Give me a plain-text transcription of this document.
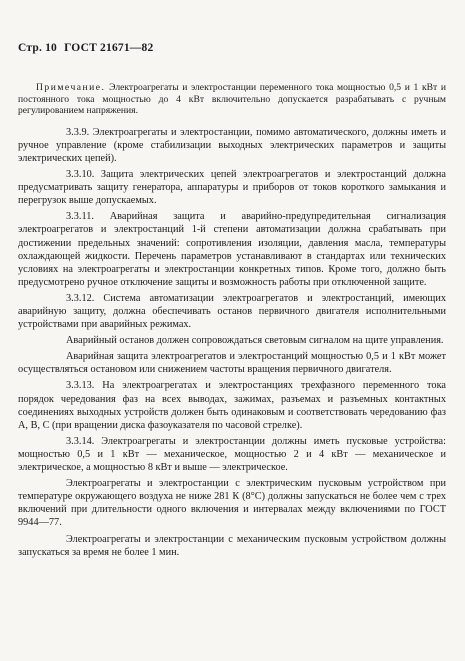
Стр. 10 ГОСТ 21671—82
Примечание. Электроагрегаты и электростанции переменного тока мощностью 0,5 и 1 кВт и постоянного тока мощностью до 4 кВт включительно допускается разрабатывать с ручным регулированием напряжения.

3.3.9. Электроагрегаты и электростанции, помимо автоматического, должны иметь и ручное управление (кроме стабилизации выходных электрических параметров и защиты электрических цепей).

3.3.10. Защита электрических цепей электроагрегатов и электростанций должна предусматривать защиту генератора, аппаратуры и приборов от токов короткого замыкания и перегрузок выше допускаемых.

3.3.11. Аварийная защита и аварийно-предупредительная сигнализация электроагрегатов и электростанций 1-й степени автоматизации должна срабатывать при достижении предельных значений: сопротивления изоляции, давления масла, температуры охлаждающей жидкости. Перечень параметров устанавливают в стандартах или технических условиях на электроагрегаты и электростанции конкретных типов. Кроме того, должно быть предусмотрено ручное отключение защиты и возможность работы при отключенной защите.

3.3.12. Система автоматизации электроагрегатов и электростанций, имеющих аварийную защиту, должна обеспечивать останов первичного двигателя исполнительными устройствами при аварийных режимах.

Аварийный останов должен сопровождаться световым сигналом на щите управления.

Аварийная защита электроагрегатов и электростанций мощностью 0,5 и 1 кВт может осуществляться остановом или снижением частоты вращения первичного двигателя.

3.3.13. На электроагрегатах и электростанциях трехфазного переменного тока порядок чередования фаз на всех выводах, зажимах, разъемах и разъемных контактных соединениях выходных устройств должен быть одинаковым и соответствовать чередованию фаз А, В, С (при вращении диска фазоуказателя по часовой стрелке).

3.3.14. Электроагрегаты и электростанции должны иметь пусковые устройства: мощностью 0,5 и 1 кВт — механическое, мощностью 2 и 4 кВт — механическое и электрическое, а мощностью 8 кВт и выше — электрическое.

Электроагрегаты и электростанции с электрическим пусковым устройством при температуре окружающего воздуха не ниже 281 К (8°С) должны запускаться не более чем с трех включений при длительности одного включения и интервалах между включениями по ГОСТ 9944—77.

Электроагрегаты и электростанции с механическим пусковым устройством должны запускаться за время не более 1 мин.
